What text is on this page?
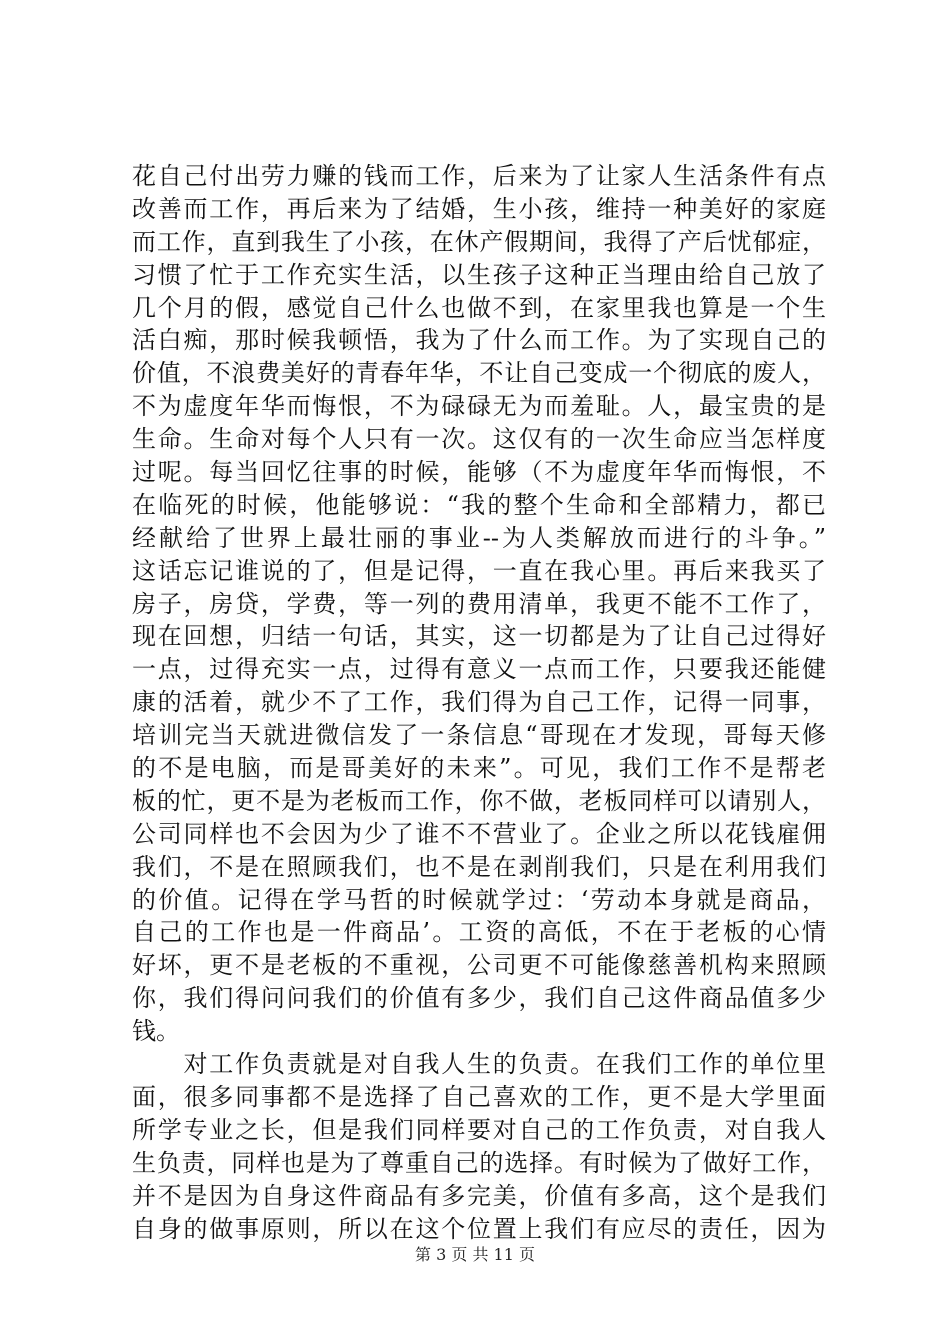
花自己付出劳力赚的钱而工作，后来为了让家人生活条件有点
改善而工作，再后来为了结婚，生小孩，维持一种美好的家庭
而工作，直到我生了小孩，在休产假期间，我得了产后忧郁症，
习惯了忙于工作充实生活，以生孩子这种正当理由给自己放了
几个月的假，感觉自己什么也做不到，在家里我也算是一个生
活白痴，那时候我顿悟，我为了什么而工作。为了实现自己的
价值，不浪费美好的青春年华，不让自己变成一个彻底的废人，
不为虚度年华而悔恨，不为碌碌无为而羞耻。人，最宝贵的是
生命。生命对每个人只有一次。这仅有的一次生命应当怎样度
过呢。每当回忆往事的时候，能够（不为虚度年华而悔恨，不
在临死的时候，他能够说：“我的整个生命和全部精力，都已
经献给了世界上最壮丽的事业--为人类解放而进行的斗争。”
这话忘记谁说的了，但是记得，一直在我心里。再后来我买了
房子，房贷，学费，等一列的费用清单，我更不能不工作了，
现在回想，归结一句话，其实，这一切都是为了让自己过得好
一点，过得充实一点，过得有意义一点而工作，只要我还能健
康的活着，就少不了工作，我们得为自己工作，记得一同事，
培训完当天就进微信发了一条信息“哥现在才发现，哥每天修
的不是电脑，而是哥美好的未来”。可见，我们工作不是帮老
板的忙，更不是为老板而工作，你不做，老板同样可以请别人，
公司同样也不会因为少了谁不不营业了。企业之所以花钱雇佣
我们，不是在照顾我们，也不是在剥削我们，只是在利用我们
的价值。记得在学马哲的时候就学过：‘劳动本身就是商品，
自己的工作也是一件商品’。工资的高低，不在于老板的心情
好坏，更不是老板的不重视，公司更不可能像慈善机构来照顾
你，我们得问问我们的价值有多少，我们自己这件商品值多少
钱。
　　对工作负责就是对自我人生的负责。在我们工作的单位里
面，很多同事都不是选择了自己喜欢的工作，更不是大学里面
所学专业之长，但是我们同样要对自己的工作负责，对自我人
生负责，同样也是为了尊重自己的选择。有时候为了做好工作，
并不是因为自身这件商品有多完美，价值有多高，这个是我们
自身的做事原则，所以在这个位置上我们有应尽的责任，因为
第 3 页 共 11 页
